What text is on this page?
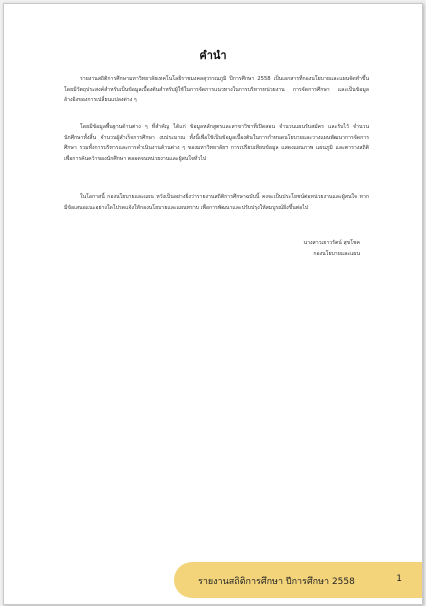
คำนำ

รายงานสถิติการศึกษามหาวิทยาลัยเทคโนโลยีราชมงคลสุวรรณภูมิ ปีการศึกษา 2558 เป็นเอกสารที่กองนโยบายและแผนจัดทำขึ้น โดยมีวัตถุประสงค์สำหรับเป็นข้อมูลเบื้องต้นสำหรับผู้ใช้ในการจัดการแนวทางในการบริหารหน่วยงาน การจัดการศึกษา และเป็นข้อมูลอ้างอิงของการเปลี่ยนแปลงต่าง ๆ

โดยมีข้อมูลพื้นฐานด้านต่าง ๆ ที่สำคัญ ได้แก่ ข้อมูลหลักสูตรและสาขาวิชาที่เปิดสอน จำนวนแผนรับสมัคร และรับไว้ จำนวนนักศึกษาทั้งสิ้น จำนวนผู้สำเร็จการศึกษา งบประมาณ ทั้งนี้เพื่อใช้เป็นข้อมูลเบื้องต้นในการกำหนดนโยบายและวางแผนพัฒนาการจัดการศึกษา รวมทั้งการบริหารและการดำเนินงานด้านต่าง ๆ ของมหาวิทยาลัยฯ การเปรียบเทียบข้อมูล แสดงแผนภาพ แผนภูมิ และตารางสถิติ เพื่อการค้นคว้าของนักศึกษา ตลอดจนหน่วยงานและผู้สนใจทั่วไป

ในโอกาสนี้ กองนโยบายและแผน หวังเป็นอย่างยิ่งว่ารายงานสถิติการศึกษาฉบับนี้ คงจะเป็นประโยชน์ต่อหน่วยงานและผู้สนใจ หากมีข้อเสนอแนะอย่างใดโปรดแจ้งให้กองนโยบายและแผนทราบ เพื่อการพัฒนาและปรับปรุงให้สมบูรณ์ยิ่งขึ้นต่อไป

นางสาวเยาวรัตน์ สุขโชค
กองนโยบายและแผน
รายงานสถิติการศึกษา ปีการศึกษา 2558	1
